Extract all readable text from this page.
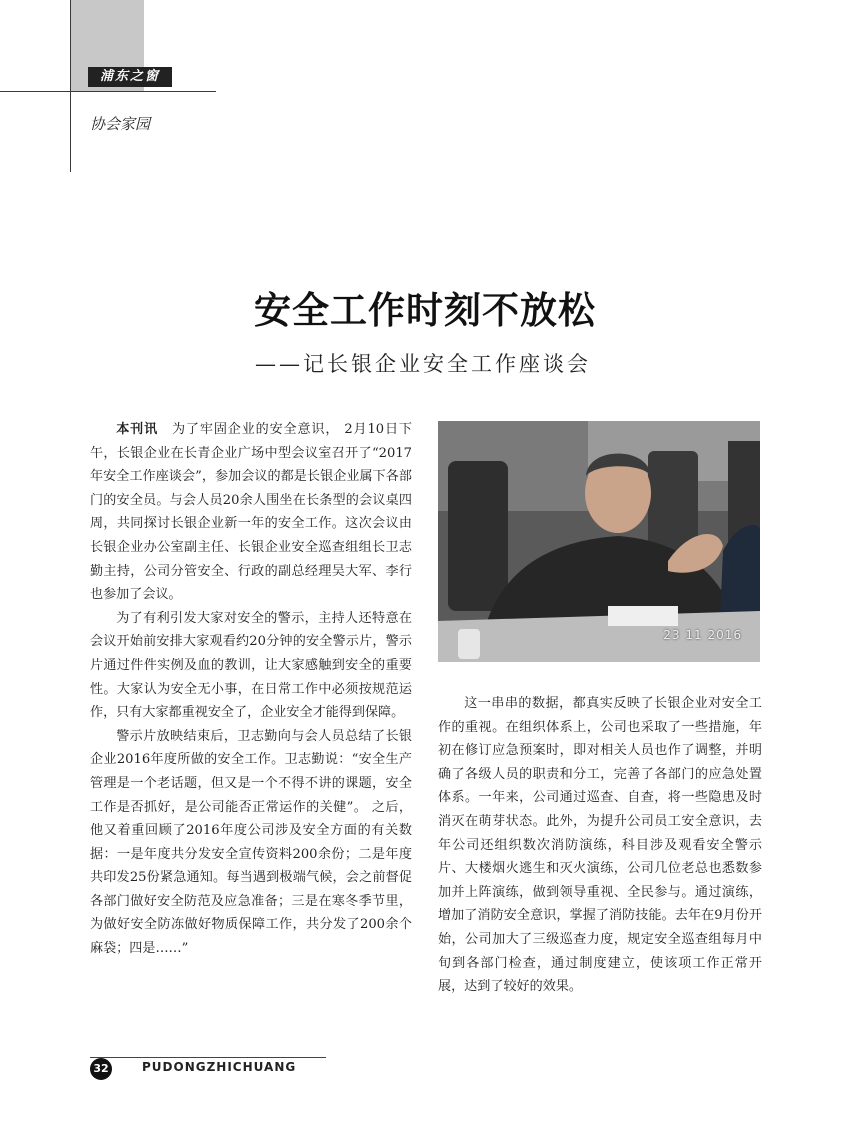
浦东之窗
协会家园
安全工作时刻不放松
——记长银企业安全工作座谈会

本刊讯　 为了牢固企业的安全意识， 2月10日下午，长银企业在长青企业广场中型会议室召开了“2017年安全工作座谈会”，参加会议的都是长银企业属下各部门的安全员。与会人员20余人围坐在长条型的会议桌四周，共同探讨长银企业新一年的安全工作。这次会议由长银企业办公室副主任、长银企业安全巡查组组长卫志勤主持，公司分管安全、行政的副总经理吴大军、李行也参加了会议。

为了有利引发大家对安全的警示，主持人还特意在会议开始前安排大家观看约20分钟的安全警示片，警示片通过件件实例及血的教训，让大家感触到安全的重要性。大家认为安全无小事，在日常工作中必须按规范运作，只有大家都重视安全了，企业安全才能得到保障。

警示片放映结束后，卫志勤向与会人员总结了长银企业2016年度所做的安全工作。卫志勤说：“安全生产管理是一个老话题，但又是一个不得不讲的课题，安全工作是否抓好，是公司能否正常运作的关健”。 之后，他又着重回顾了2016年度公司涉及安全方面的有关数据：一是年度共分发安全宣传资料200余份；二是年度共印发25份紧急通知。每当遇到极端气候，会之前督促各部门做好安全防范及应急准备；三是在寒冬季节里，为做好安全防冻做好物质保障工作，共分发了200余个麻袋；四是……”

23 11 2016

这一串串的数据，都真实反映了长银企业对安全工作的重视。在组织体系上，公司也采取了一些措施，年初在修订应急预案时，即对相关人员也作了调整，并明确了各级人员的职责和分工，完善了各部门的应急处置体系。一年来，公司通过巡查、自查，将一些隐患及时消灭在萌芽状态。此外，为提升公司员工安全意识，去年公司还组织数次消防演练，科目涉及观看安全警示片、大楼烟火逃生和灭火演练，公司几位老总也悉数参加并上阵演练，做到领导重视、全民参与。通过演练，增加了消防安全意识，掌握了消防技能。去年在9月份开始，公司加大了三级巡查力度，规定安全巡查组每月中旬到各部门检查，通过制度建立，使该项工作正常开展，达到了较好的效果。

32	PUDONGZHICHUANG
